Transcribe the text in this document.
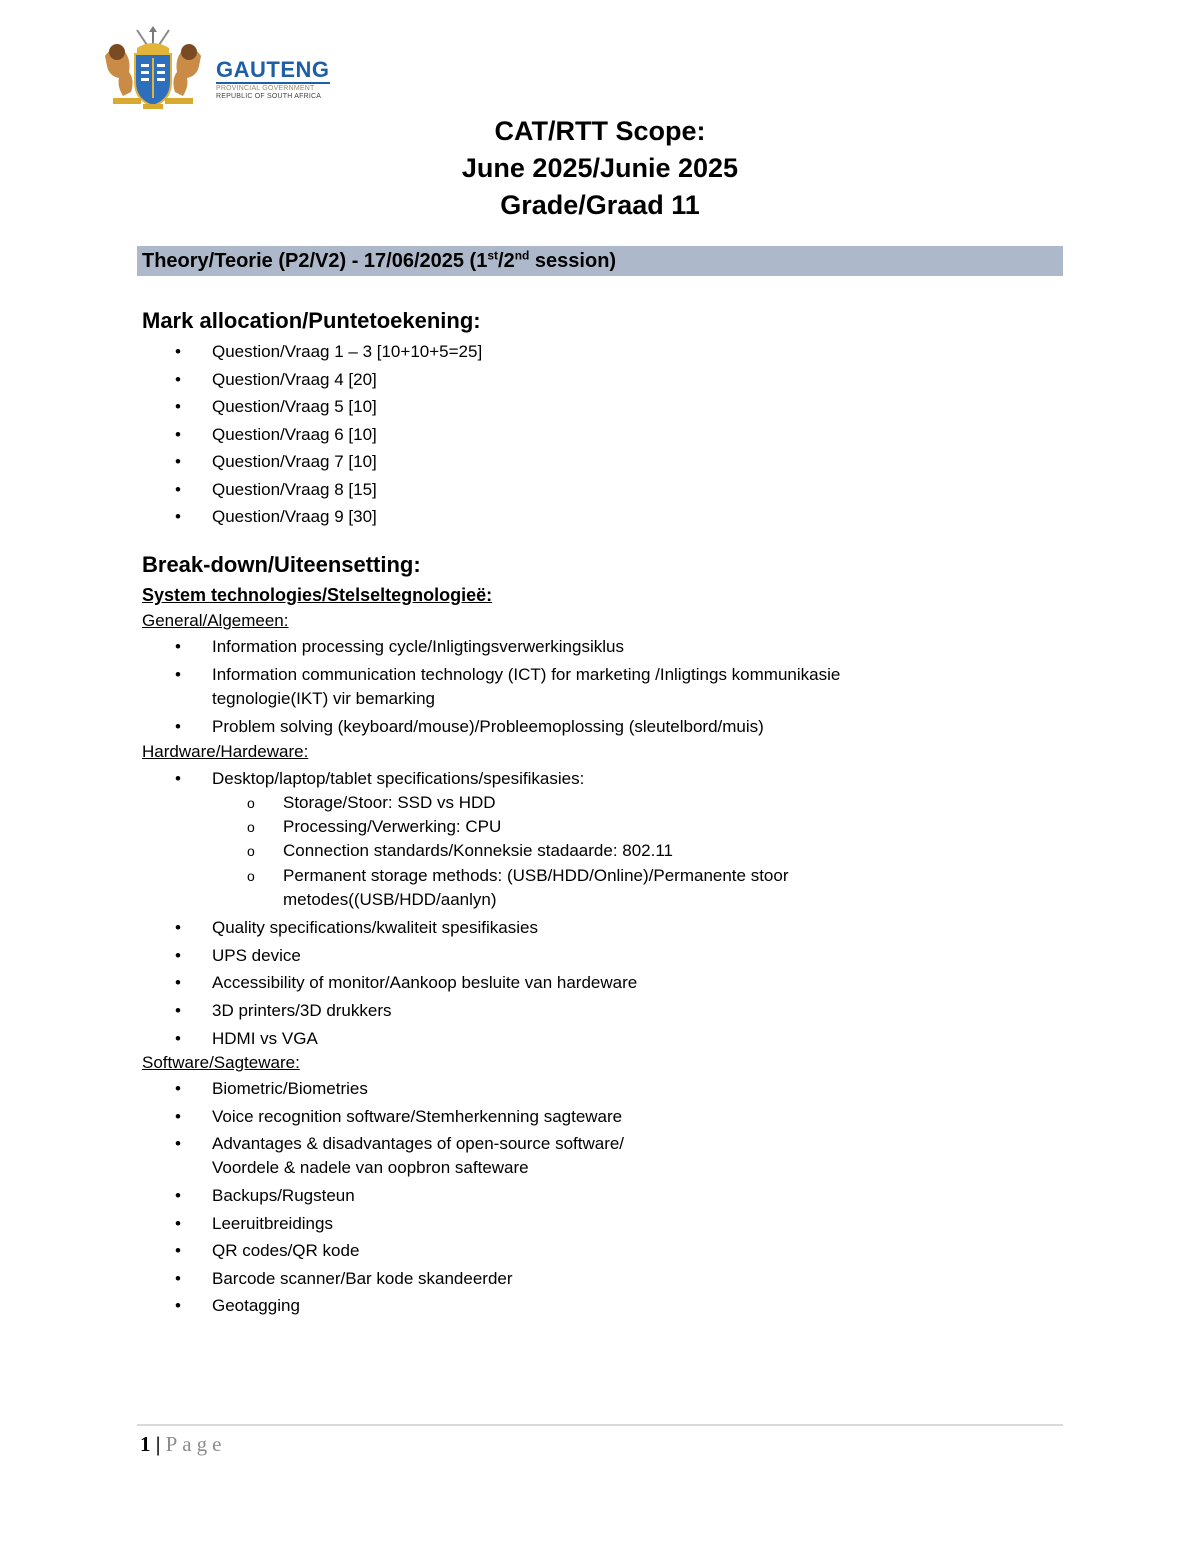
GAUTENG
PROVINCIAL GOVERNMENT
REPUBLIC OF SOUTH AFRICA
CAT/RTT Scope:
June 2025/Junie 2025
Grade/Graad 11
Theory/Teorie (P2/V2) - 17/06/2025 (1st/2nd session)
Mark allocation/Puntetoekening:
• Question/Vraag 1 – 3 [10+10+5=25]
• Question/Vraag 4 [20]
• Question/Vraag 5 [10]
• Question/Vraag 6 [10]
• Question/Vraag 7 [10]
• Question/Vraag 8 [15]
• Question/Vraag 9 [30]
Break-down/Uiteensetting:
System technologies/Stelseltegnologieë:
General/Algemeen:
• Information processing cycle/Inligtingsverwerkingsiklus
• Information communication technology (ICT) for marketing /Inligtings kommunikasie
tegnologie(IKT) vir bemarking
• Problem solving (keyboard/mouse)/Probleemoplossing (sleutelbord/muis)
Hardware/Hardeware:
• Desktop/laptop/tablet specifications/spesifikasies:
o Storage/Stoor: SSD vs HDD
o Processing/Verwerking: CPU
o Connection standards/Konneksie stadaarde: 802.11
o Permanent storage methods: (USB/HDD/Online)/Permanente stoor
metodes((USB/HDD/aanlyn)
• Quality specifications/kwaliteit spesifikasies
• UPS device
• Accessibility of monitor/Aankoop besluite van hardeware
• 3D printers/3D drukkers
• HDMI vs VGA
Software/Sagteware:
• Biometric/Biometries
• Voice recognition software/Stemherkenning sagteware
• Advantages & disadvantages of open-source software/
Voordele & nadele van oopbron safteware
• Backups/Rugsteun
• Leeruitbreidings
• QR codes/QR kode
• Barcode scanner/Bar kode skandeerder
• Geotagging
1 | Page
